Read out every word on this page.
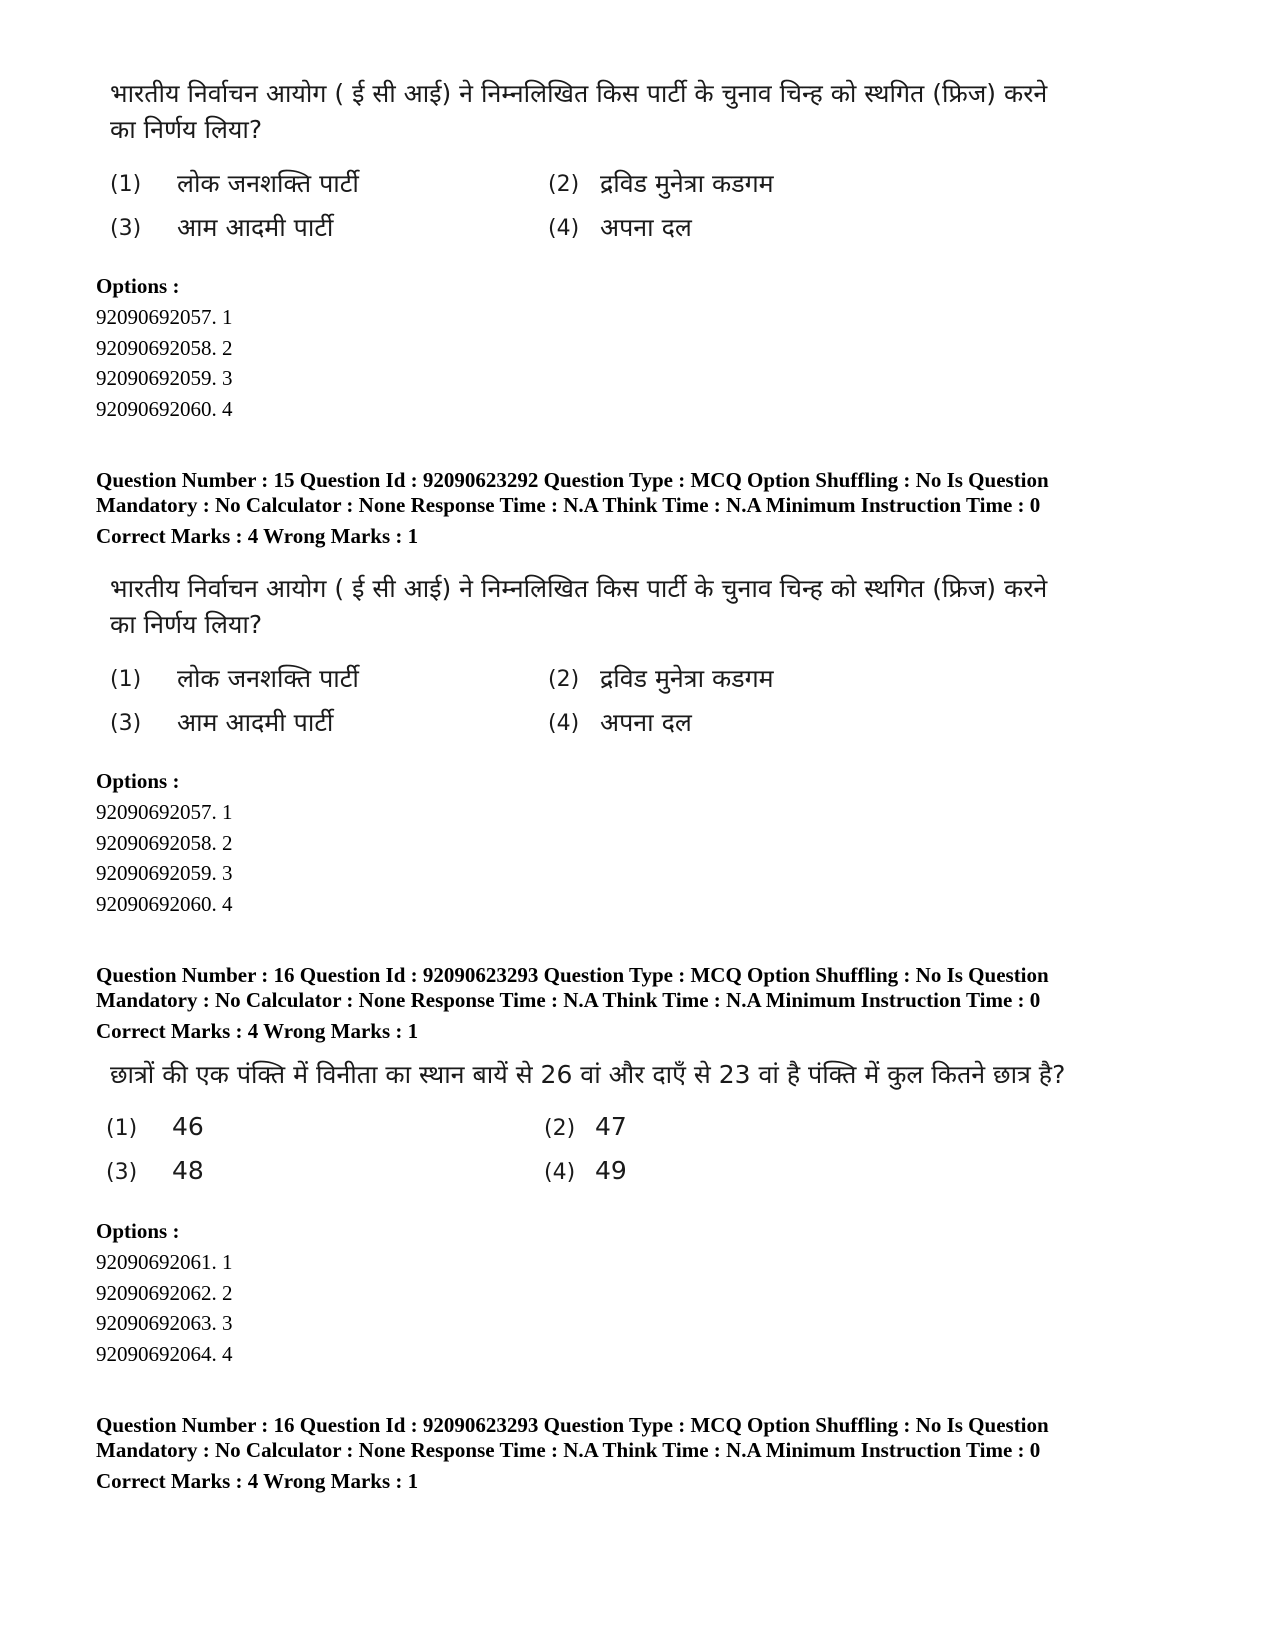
भारतीय निर्वाचन आयोग ( ई सी आई) ने निम्नलिखित किस पार्टी के चुनाव चिन्ह को स्थगित (फ्रिज) करने
का निर्णय लिया?
(1) लोक जनशक्ति पार्टी	(2) द्रविड मुनेत्रा कडगम
(3) आम आदमी पार्टी	(4) अपना दल
Options :
92090692057. 1
92090692058. 2
92090692059. 3
92090692060. 4
Question Number : 15 Question Id : 92090623292 Question Type : MCQ Option Shuffling : No Is Question
Mandatory : No Calculator : None Response Time : N.A Think Time : N.A Minimum Instruction Time : 0
Correct Marks : 4 Wrong Marks : 1
भारतीय निर्वाचन आयोग ( ई सी आई) ने निम्नलिखित किस पार्टी के चुनाव चिन्ह को स्थगित (फ्रिज) करने
का निर्णय लिया?
(1) लोक जनशक्ति पार्टी	(2) द्रविड मुनेत्रा कडगम
(3) आम आदमी पार्टी	(4) अपना दल
Options :
92090692057. 1
92090692058. 2
92090692059. 3
92090692060. 4
Question Number : 16 Question Id : 92090623293 Question Type : MCQ Option Shuffling : No Is Question
Mandatory : No Calculator : None Response Time : N.A Think Time : N.A Minimum Instruction Time : 0
Correct Marks : 4 Wrong Marks : 1
छात्रों की एक पंक्ति में विनीता का स्थान बायें से 26 वां और दाएँ से 23 वां है पंक्ति में कुल कितने छात्र है?
(1) 46	(2) 47
(3) 48	(4) 49
Options :
92090692061. 1
92090692062. 2
92090692063. 3
92090692064. 4
Question Number : 16 Question Id : 92090623293 Question Type : MCQ Option Shuffling : No Is Question
Mandatory : No Calculator : None Response Time : N.A Think Time : N.A Minimum Instruction Time : 0
Correct Marks : 4 Wrong Marks : 1
